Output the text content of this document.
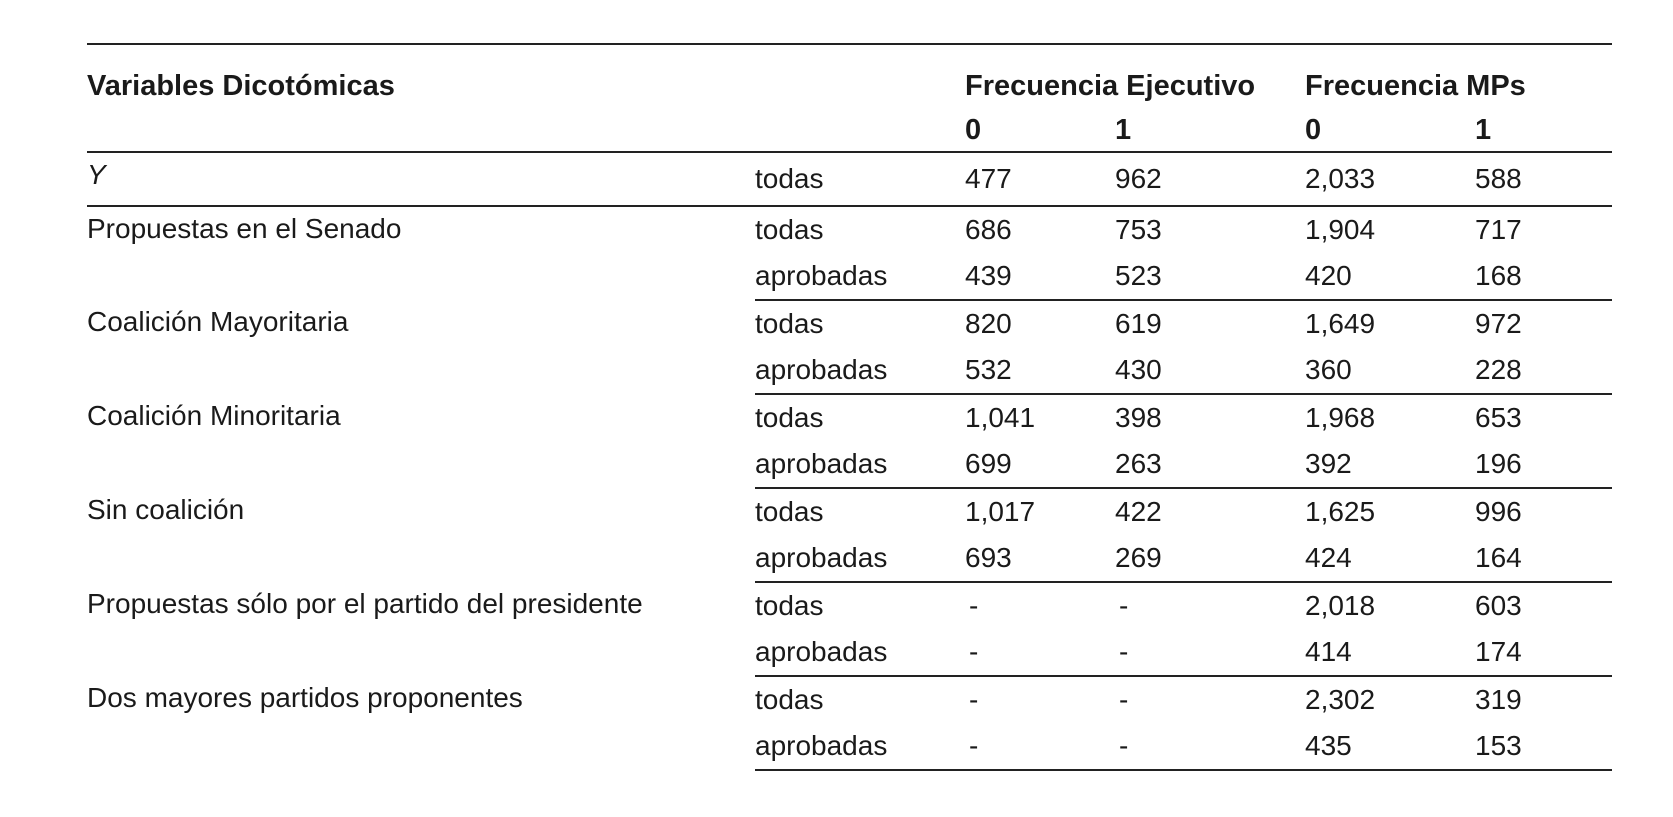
Variables Dicotómicas		Frecuencia Ejecutivo		Frecuencia MPs	
		0	1	0	1
Y	todas	477	962	2,033	588
Propuestas en el Senado	todas	686	753	1,904	717
	aprobadas	439	523	420	168
Coalición Mayoritaria	todas	820	619	1,649	972
	aprobadas	532	430	360	228
Coalición Minoritaria	todas	1,041	398	1,968	653
	aprobadas	699	263	392	196
Sin coalición	todas	1,017	422	1,625	996
	aprobadas	693	269	424	164
Propuestas sólo por el partido del presidente	todas	-	-	2,018	603
	aprobadas	-	-	414	174
Dos mayores partidos proponentes	todas	-	-	2,302	319
	aprobadas	-	-	435	153
